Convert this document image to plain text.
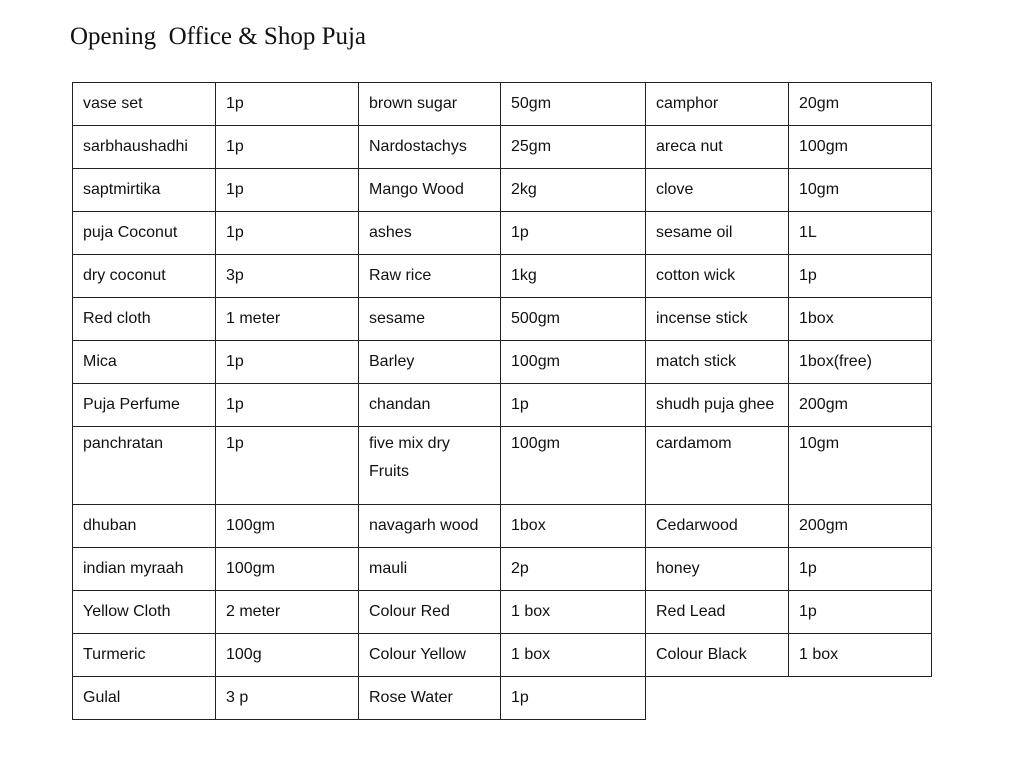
Opening  Office & Shop Puja
vase set	1p	brown sugar	50gm	camphor	20gm
sarbhaushadhi	1p	Nardostachys	25gm	areca nut	100gm
saptmirtika	1p	Mango Wood	2kg	clove	10gm
puja Coconut	1p	ashes	1p	sesame oil	1L
dry coconut	3p	Raw rice	1kg	cotton wick	1p
Red cloth	1 meter	sesame	500gm	incense stick	1box
Mica	1p	Barley	100gm	match stick	1box(free)
Puja Perfume	1p	chandan	1p	shudh puja ghee	200gm
panchratan	1p	five mix dry Fruits	100gm	cardamom	10gm
dhuban	100gm	navagarh wood	1box	Cedarwood	200gm
indian myraah	100gm	mauli	2p	honey	1p
Yellow Cloth	2 meter	Colour Red	1 box	Red Lead	1p
Turmeric	100g	Colour Yellow	1 box	Colour Black	1 box
Gulal	3 p	Rose Water	1p		
